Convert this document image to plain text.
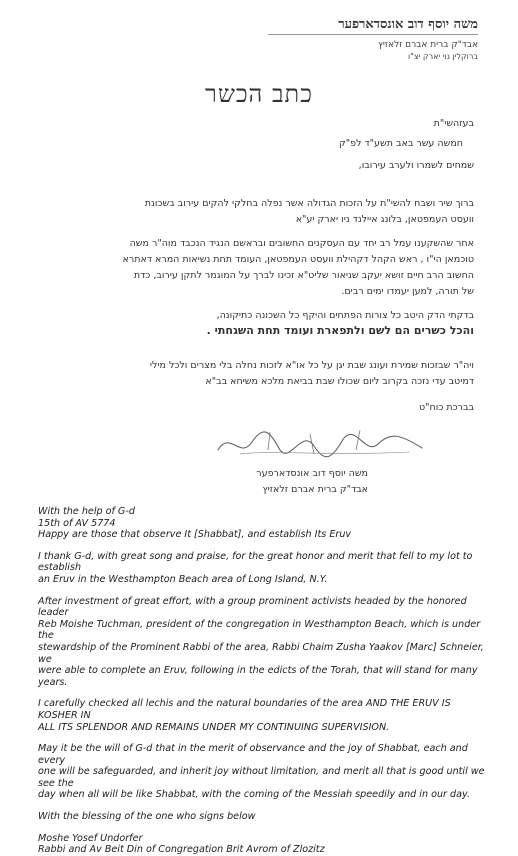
משה יוסף דוב אונסדארפער
אבד"ק ברית אברם זלאזיץ
ברוקלין נוי יארק יצ"ו
כתב הכשר
בעזהשי"ת
חמשה עשר באב תשע"ד לפ"ק
שמחים לשמרו ולערב עירובו,
ברוך שיר ושבח להשי"ת על הזכות הגדולה אשר נפלה בחלקי להקים עירוב בשכונת
וועסט העמפטאן, בלונג איילנד ניו יארק יע"א
אחר שהשקענו עמל רב יחד עם העסקנים החשובים ובראשם הנגיד הנכבד מוה"ר משה
טוכמאן הי"ו , ראש הקהל דקהילת וועסט העמפטאן, העומד תחת נשיאות המרא דאתרא
החשוב הרב חיים זושא יעקב שניאור שליט"א זכינו לברך על המוגמר לתקן עירוב, כדת
של תורה, למען יעמדו ימים רבים.
בדקתי הדק היטב כל צורות הפתחים והיקף כל השכונה כתיקונה,
והכל כשרים הם לשם ולתפארת ועומד תחת השגחתי .
ויה"ר שבזכות שמירת ועונג שבת יגן על כל או"א לזכות נחלה בלי מצרים ולכל מילי
דמיטב עדי נזכה בקרוב ליום שכולו שבת בביאת מלכא משיחא בב"א
בברכת כוח"ט
משה יוסף דוב אונסדארפער
אבד"ק ברית אברם זלאזיץ

With the help of G-d
15th of AV 5774
Happy are those that observe It [Shabbat], and establish Its Eruv

I thank G-d, with great song and praise, for the great honor and merit that fell to my lot to establish
an Eruv in the Westhampton Beach area of Long Island, N.Y.

After investment of great effort, with a group prominent activists headed by the honored leader
Reb Moishe Tuchman, president of the congregation in Westhampton Beach, which is under the
stewardship of the Prominent Rabbi of the area, Rabbi Chaim Zusha Yaakov [Marc] Schneier, we
were able to complete an Eruv, following in the edicts of the Torah, that will stand for many years.

I carefully checked all lechis and the natural boundaries of the area AND THE ERUV IS KOSHER IN
ALL ITS SPLENDOR AND REMAINS UNDER MY CONTINUING SUPERVISION.

May it be the will of G-d that in the merit of observance and the joy of Shabbat, each and every
one will be safeguarded, and inherit joy without limitation, and merit all that is good until we see the
day when all will be like Shabbat, with the coming of the Messiah speedily and in our day.

With the blessing of the one who signs below

Moshe Yosef Undorfer
Rabbi and Av Beit Din of Congregation Brit Avrom of Zlozitz
